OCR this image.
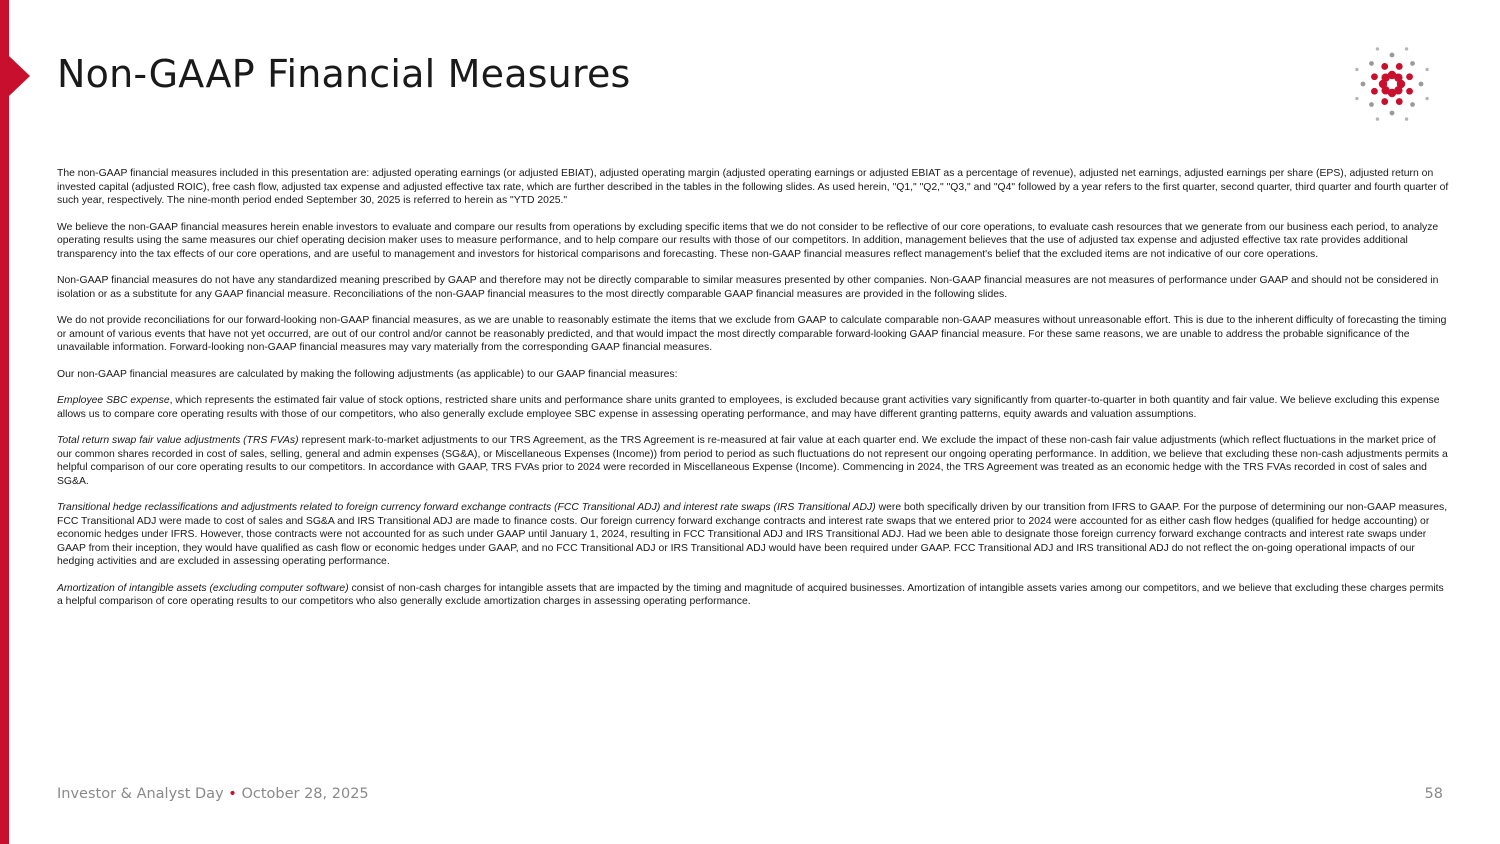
Non-GAAP Financial Measures

The non-GAAP financial measures included in this presentation are: adjusted operating earnings (or adjusted EBIAT), adjusted operating margin (adjusted operating earnings or adjusted EBIAT as a percentage of revenue), adjusted net earnings, adjusted earnings per share (EPS), adjusted return on invested capital (adjusted ROIC), free cash flow, adjusted tax expense and adjusted effective tax rate, which are further described in the tables in the following slides. As used herein, "Q1," "Q2," "Q3," and "Q4" followed by a year refers to the first quarter, second quarter, third quarter and fourth quarter of such year, respectively. The nine-month period ended September 30, 2025 is referred to herein as "YTD 2025."

We believe the non-GAAP financial measures herein enable investors to evaluate and compare our results from operations by excluding specific items that we do not consider to be reflective of our core operations, to evaluate cash resources that we generate from our business each period, to analyze operating results using the same measures our chief operating decision maker uses to measure performance, and to help compare our results with those of our competitors. In addition, management believes that the use of adjusted tax expense and adjusted effective tax rate provides additional transparency into the tax effects of our core operations, and are useful to management and investors for historical comparisons and forecasting. These non-GAAP financial measures reflect management's belief that the excluded items are not indicative of our core operations.

Non-GAAP financial measures do not have any standardized meaning prescribed by GAAP and therefore may not be directly comparable to similar measures presented by other companies. Non-GAAP financial measures are not measures of performance under GAAP and should not be considered in isolation or as a substitute for any GAAP financial measure. Reconciliations of the non-GAAP financial measures to the most directly comparable GAAP financial measures are provided in the following slides.

We do not provide reconciliations for our forward-looking non-GAAP financial measures, as we are unable to reasonably estimate the items that we exclude from GAAP to calculate comparable non-GAAP measures without unreasonable effort. This is due to the inherent difficulty of forecasting the timing or amount of various events that have not yet occurred, are out of our control and/or cannot be reasonably predicted, and that would impact the most directly comparable forward-looking GAAP financial measure. For these same reasons, we are unable to address the probable significance of the unavailable information. Forward-looking non-GAAP financial measures may vary materially from the corresponding GAAP financial measures.

Our non-GAAP financial measures are calculated by making the following adjustments (as applicable) to our GAAP financial measures:

Employee SBC expense, which represents the estimated fair value of stock options, restricted share units and performance share units granted to employees, is excluded because grant activities vary significantly from quarter-to-quarter in both quantity and fair value. We believe excluding this expense allows us to compare core operating results with those of our competitors, who also generally exclude employee SBC expense in assessing operating performance, and may have different granting patterns, equity awards and valuation assumptions.

Total return swap fair value adjustments (TRS FVAs) represent mark-to-market adjustments to our TRS Agreement, as the TRS Agreement is re-measured at fair value at each quarter end. We exclude the impact of these non-cash fair value adjustments (which reflect fluctuations in the market price of our common shares recorded in cost of sales, selling, general and admin expenses (SG&A), or Miscellaneous Expenses (Income)) from period to period as such fluctuations do not represent our ongoing operating performance. In addition, we believe that excluding these non-cash adjustments permits a helpful comparison of our core operating results to our competitors. In accordance with GAAP, TRS FVAs prior to 2024 were recorded in Miscellaneous Expense (Income). Commencing in 2024, the TRS Agreement was treated as an economic hedge with the TRS FVAs recorded in cost of sales and SG&A.

Transitional hedge reclassifications and adjustments related to foreign currency forward exchange contracts (FCC Transitional ADJ) and interest rate swaps (IRS Transitional ADJ) were both specifically driven by our transition from IFRS to GAAP. For the purpose of determining our non-GAAP measures, FCC Transitional ADJ were made to cost of sales and SG&A and IRS Transitional ADJ are made to finance costs. Our foreign currency forward exchange contracts and interest rate swaps that we entered prior to 2024 were accounted for as either cash flow hedges (qualified for hedge accounting) or economic hedges under IFRS. However, those contracts were not accounted for as such under GAAP until January 1, 2024, resulting in FCC Transitional ADJ and IRS Transitional ADJ. Had we been able to designate those foreign currency forward exchange contracts and interest rate swaps under GAAP from their inception, they would have qualified as cash flow or economic hedges under GAAP, and no FCC Transitional ADJ or IRS Transitional ADJ would have been required under GAAP. FCC Transitional ADJ and IRS transitional ADJ do not reflect the on-going operational impacts of our hedging activities and are excluded in assessing operating performance.

Amortization of intangible assets (excluding computer software) consist of non-cash charges for intangible assets that are impacted by the timing and magnitude of acquired businesses. Amortization of intangible assets varies among our competitors, and we believe that excluding these charges permits a helpful comparison of core operating results to our competitors who also generally exclude amortization charges in assessing operating performance.

Investor & Analyst Day • October 28, 2025	58
